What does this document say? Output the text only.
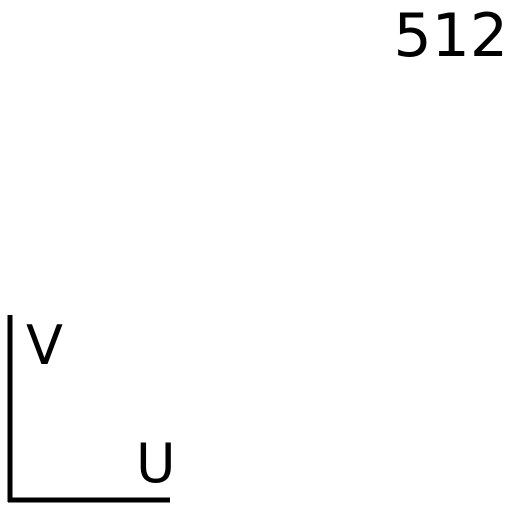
512
V
U
